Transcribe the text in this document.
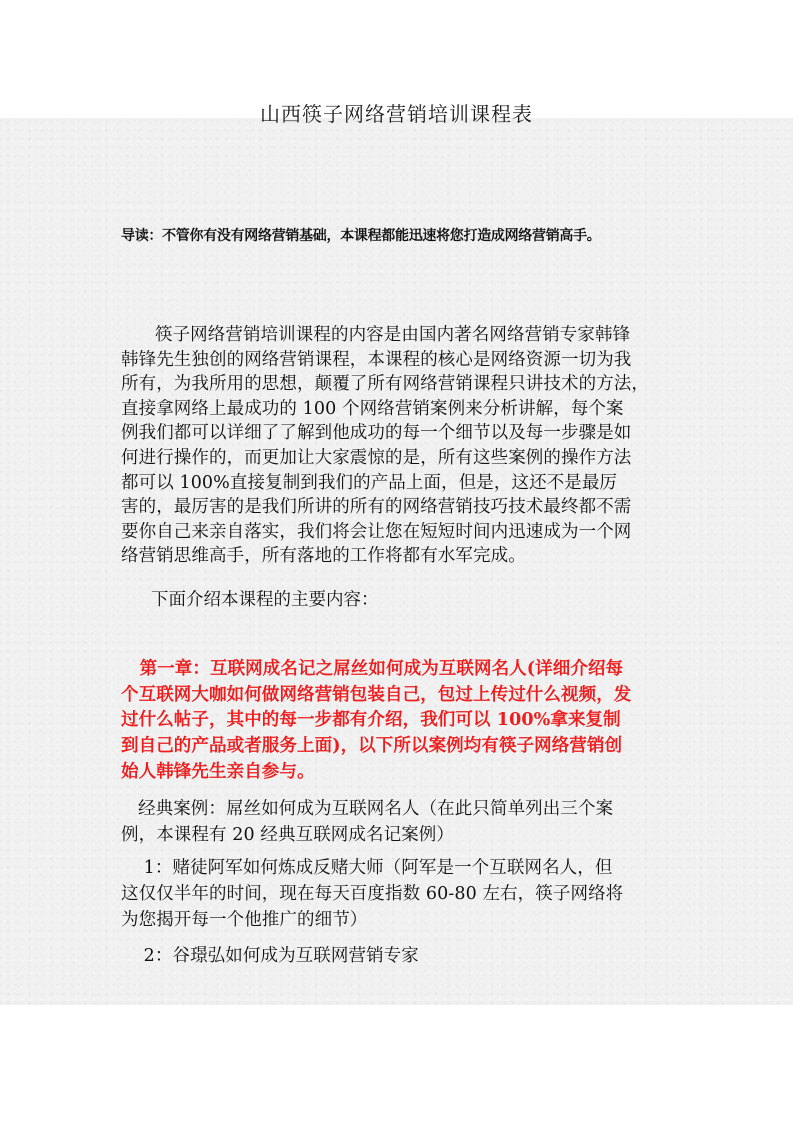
山西筷子网络营销培训课程表
导读：不管你有没有网络营销基础，本课程都能迅速将您打造成网络营销高手。
筷子网络营销培训课程的内容是由国内著名网络营销专家韩锋
韩锋先生独创的网络营销课程，本课程的核心是网络资源一切为我
所有，为我所用的思想，颠覆了所有网络营销课程只讲技术的方法，
直接拿网络上最成功的 100 个网络营销案例来分析讲解，每个案
例我们都可以详细了了解到他成功的每一个细节以及每一步骤是如
何进行操作的，而更加让大家震惊的是，所有这些案例的操作方法
都可以 100%直接复制到我们的产品上面，但是，这还不是最厉
害的，最厉害的是我们所讲的所有的网络营销技巧技术最终都不需
要你自己来亲自落实，我们将会让您在短短时间内迅速成为一个网
络营销思维高手，所有落地的工作将都有水军完成。
下面介绍本课程的主要内容：
第一章：互联网成名记之屌丝如何成为互联网名人(详细介绍每
个互联网大咖如何做网络营销包装自己，包过上传过什么视频，发
过什么帖子，其中的每一步都有介绍，我们可以 100%拿来复制
到自己的产品或者服务上面)，以下所以案例均有筷子网络营销创
始人韩锋先生亲自参与。
经典案例：屌丝如何成为互联网名人（在此只简单列出三个案
例，本课程有 20 经典互联网成名记案例）
1：赌徒阿军如何炼成反赌大师（阿军是一个互联网名人，但
这仅仅半年的时间，现在每天百度指数 60-80 左右，筷子网络将
为您揭开每一个他推广的细节）
2：谷璟弘如何成为互联网营销专家
